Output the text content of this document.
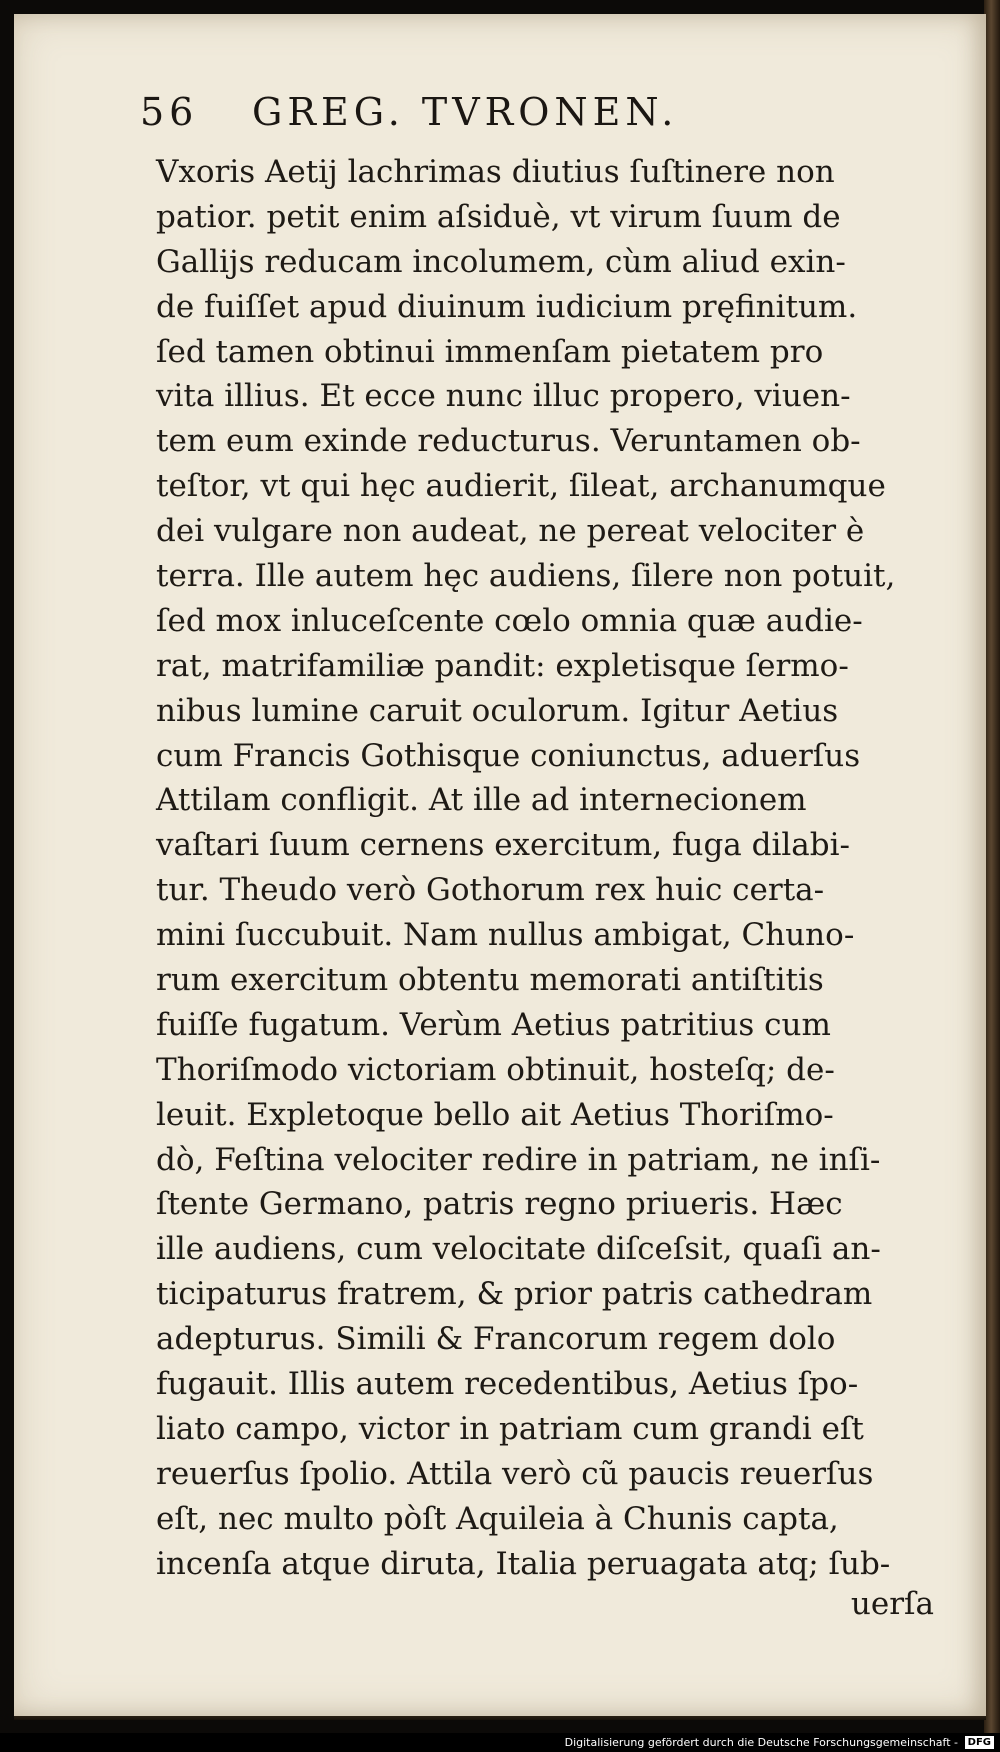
56 GREG. TVRONEN.
Vxoris Aetij lachrimas diutius ſuſtinere non
patior. petit enim aſsiduè, vt virum ſuum de
Gallijs reducam incolumem, cùm aliud exin-
de fuiſſet apud diuinum iudicium pręfinitum.
ſed tamen obtinui immenſam pietatem pro
vita illius. Et ecce nunc illuc propero, viuen-
tem eum exinde reducturus. Veruntamen ob-
teſtor, vt qui hęc audierit, ſileat, archanumque
dei vulgare non audeat, ne pereat velociter è
terra. Ille autem hęc audiens, ſilere non potuit,
ſed mox inluceſcente cœlo omnia quæ audie-
rat, matrifamiliæ pandit: expletisque ſermo-
nibus lumine caruit oculorum. Igitur Aetius
cum Francis Gothisque coniunctus, aduerſus
Attilam confligit. At ille ad internecionem
vaſtari ſuum cernens exercitum, fuga dilabi-
tur. Theudo verò Gothorum rex huic certa-
mini ſuccubuit. Nam nullus ambigat, Chuno-
rum exercitum obtentu memorati antiſtitis
fuiſſe fugatum. Verùm Aetius patritius cum
Thoriſmodo victoriam obtinuit, hosteſq; de-
leuit. Expletoque bello ait Aetius Thoriſmo-
dò, Feſtina velociter redire in patriam, ne inſi-
ſtente Germano, patris regno priueris. Hæc
ille audiens, cum velocitate diſceſsit, quaſi an-
ticipaturus fratrem, & prior patris cathedram
adepturus. Simili & Francorum regem dolo
fugauit. Illis autem recedentibus, Aetius ſpo-
liato campo, victor in patriam cum grandi eſt
reuerſus ſpolio. Attila verò cũ paucis reuerſus
eſt, nec multo pòſt Aquileia à Chunis capta,
incenſa atque diruta, Italia peruagata atq; ſub-
uerſa
Digitalisierung gefördert durch die Deutsche Forschungsgemeinschaft - DFG
